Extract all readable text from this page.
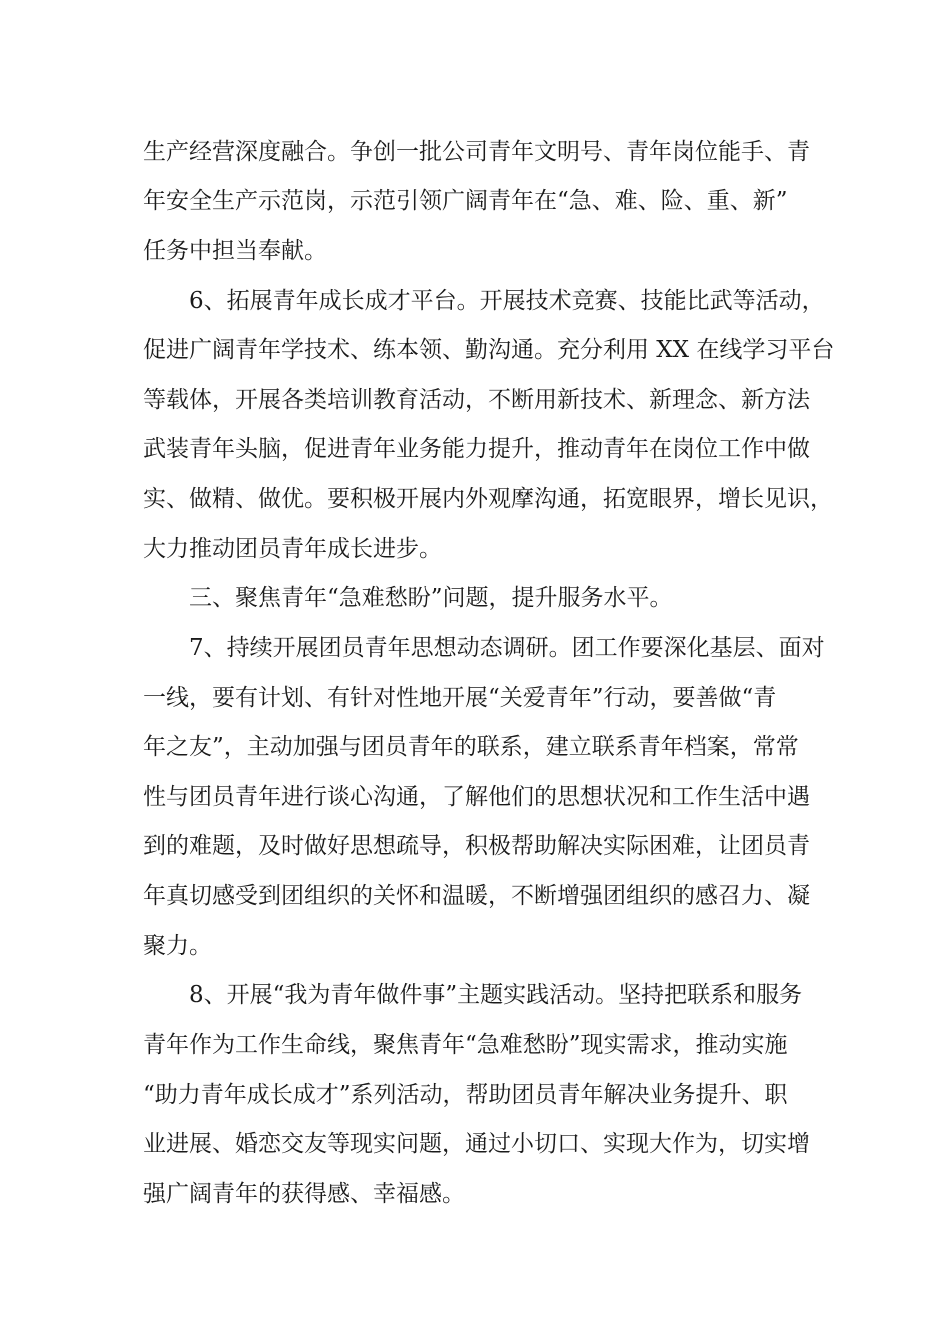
生产经营深度融合。争创一批公司青年文明号、青年岗位能手、青
年安全生产示范岗，示范引领广阔青年在“急、难、险、重、新”
任务中担当奉献。
6、拓展青年成长成才平台。开展技术竞赛、技能比武等活动，
促进广阔青年学技术、练本领、勤沟通。充分利用 XX 在线学习平台
等载体，开展各类培训教育活动，不断用新技术、新理念、新方法
武装青年头脑，促进青年业务能力提升，推动青年在岗位工作中做
实、做精、做优。要积极开展内外观摩沟通，拓宽眼界，增长见识，
大力推动团员青年成长进步。
三、聚焦青年“急难愁盼”问题，提升服务水平。
7、持续开展团员青年思想动态调研。团工作要深化基层、面对
一线，要有计划、有针对性地开展“关爱青年”行动，要善做“青
年之友”，主动加强与团员青年的联系，建立联系青年档案，常常
性与团员青年进行谈心沟通，了解他们的思想状况和工作生活中遇
到的难题，及时做好思想疏导，积极帮助解决实际困难，让团员青
年真切感受到团组织的关怀和温暖，不断增强团组织的感召力、凝
聚力。
8、开展“我为青年做件事”主题实践活动。坚持把联系和服务
青年作为工作生命线，聚焦青年“急难愁盼”现实需求，推动实施
“助力青年成长成才”系列活动，帮助团员青年解决业务提升、职
业进展、婚恋交友等现实问题，通过小切口、实现大作为，切实增
强广阔青年的获得感、幸福感。
